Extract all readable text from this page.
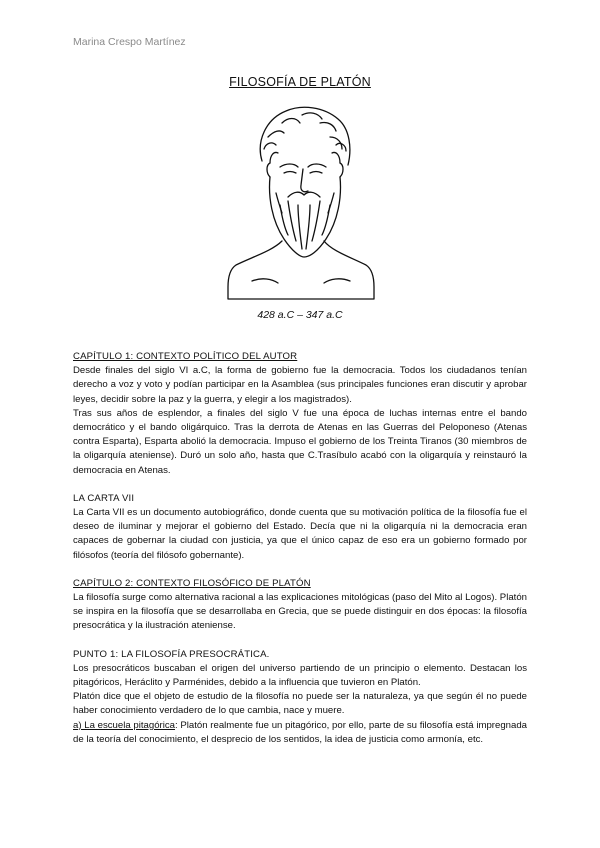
Marina Crespo Martínez
FILOSOFÍA DE PLATÓN
428 a.C – 347 a.C
CAPÍTULO 1: CONTEXTO POLÍTICO DEL AUTOR

Desde finales del siglo VI a.C, la forma de gobierno fue la democracia. Todos los ciudadanos tenían derecho a voz y voto y podían participar en la Asamblea (sus principales funciones eran discutir y aprobar leyes, decidir sobre la paz y la guerra, y elegir a los magistrados).

Tras sus años de esplendor, a finales del siglo V fue una época de luchas internas entre el bando democrático y el bando oligárquico. Tras la derrota de Atenas en las Guerras del Peloponeso (Atenas contra Esparta), Esparta abolió la democracia. Impuso el gobierno de los Treinta Tiranos (30 miembros de la oligarquía ateniense). Duró un solo año, hasta que C.Trasíbulo acabó con la oligarquía y reinstauró la democracia en Atenas.

LA CARTA VII

La Carta VII es un documento autobiográfico, donde cuenta que su motivación política de la filosofía fue el deseo de iluminar y mejorar el gobierno del Estado. Decía que ni la oligarquía ni la democracia eran capaces de gobernar la ciudad con justicia, ya que el único capaz de eso era un gobierno formado por filósofos (teoría del filósofo gobernante).

CAPÍTULO 2: CONTEXTO FILOSÓFICO DE PLATÓN

La filosofía surge como alternativa racional a las explicaciones mitológicas (paso del Mito al Logos). Platón se inspira en la filosofía que se desarrollaba en Grecia, que se puede distinguir en dos épocas: la filosofía presocrática y la ilustración ateniense.

PUNTO 1: LA FILOSOFÍA PRESOCRÁTICA.

Los presocráticos buscaban el origen del universo partiendo de un principio o elemento. Destacan los pitagóricos, Heráclito y Parménides, debido a la influencia que tuvieron en Platón.

Platón dice que el objeto de estudio de la filosofía no puede ser la naturaleza, ya que según él no puede haber conocimiento verdadero de lo que cambia, nace y muere.

a) La escuela pitagórica: Platón realmente fue un pitagórico, por ello, parte de su filosofía está impregnada de la teoría del conocimiento, el desprecio de los sentidos, la idea de justicia como armonía, etc.
